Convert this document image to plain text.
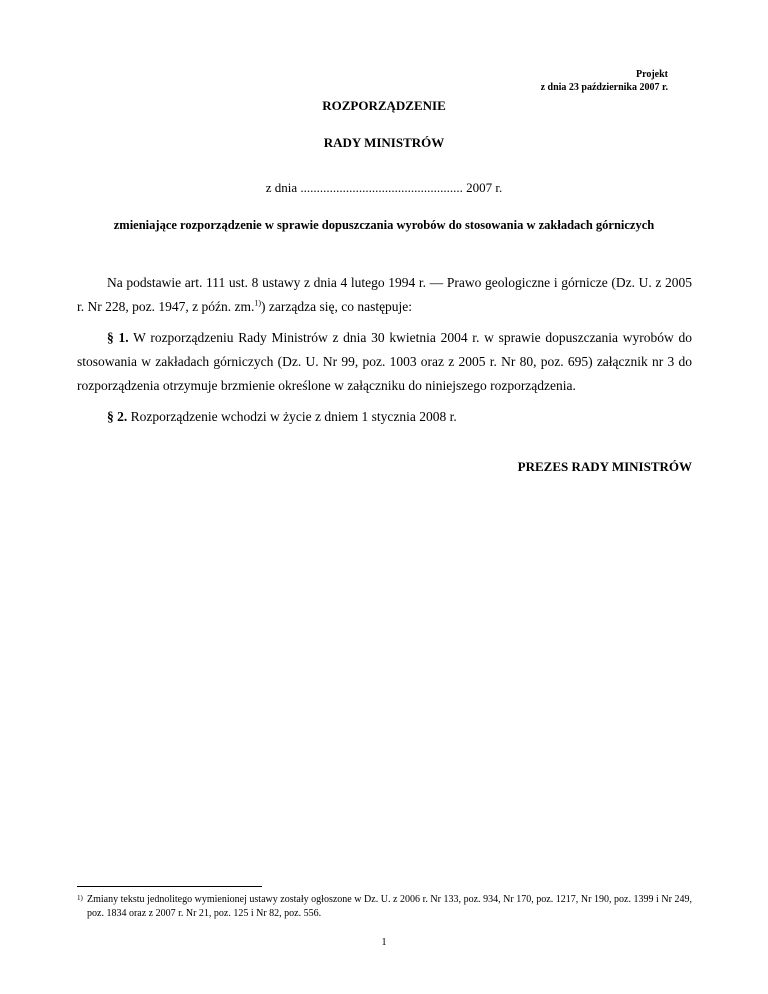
Projekt
z dnia 23 października 2007 r.
ROZPORZĄDZENIE
RADY MINISTRÓW
z dnia .................................................. 2007 r.
zmieniające rozporządzenie w sprawie dopuszczania wyrobów do stosowania w zakładach górniczych
Na podstawie art. 111 ust. 8 ustawy z dnia 4 lutego 1994 r. — Prawo geologiczne i górnicze (Dz. U. z 2005 r. Nr 228, poz. 1947, z późn. zm.$^{1)}$) zarządza się, co następuje:
§ 1. W rozporządzeniu Rady Ministrów z dnia 30 kwietnia 2004 r. w sprawie dopuszczania wyrobów do stosowania w zakładach górniczych (Dz. U. Nr 99, poz. 1003 oraz z 2005 r. Nr 80, poz. 695) załącznik nr 3 do rozporządzenia otrzymuje brzmienie określone w załączniku do niniejszego rozporządzenia.
§ 2. Rozporządzenie wchodzi w życie z dniem 1 stycznia 2008 r.
PREZES RADY MINISTRÓW
1) Zmiany tekstu jednolitego wymienionej ustawy zostały ogłoszone w Dz. U. z 2006 r. Nr 133, poz. 934, Nr 170, poz. 1217, Nr 190, poz. 1399 i Nr 249, poz. 1834 oraz z 2007 r. Nr 21, poz. 125 i Nr 82, poz. 556.
1
